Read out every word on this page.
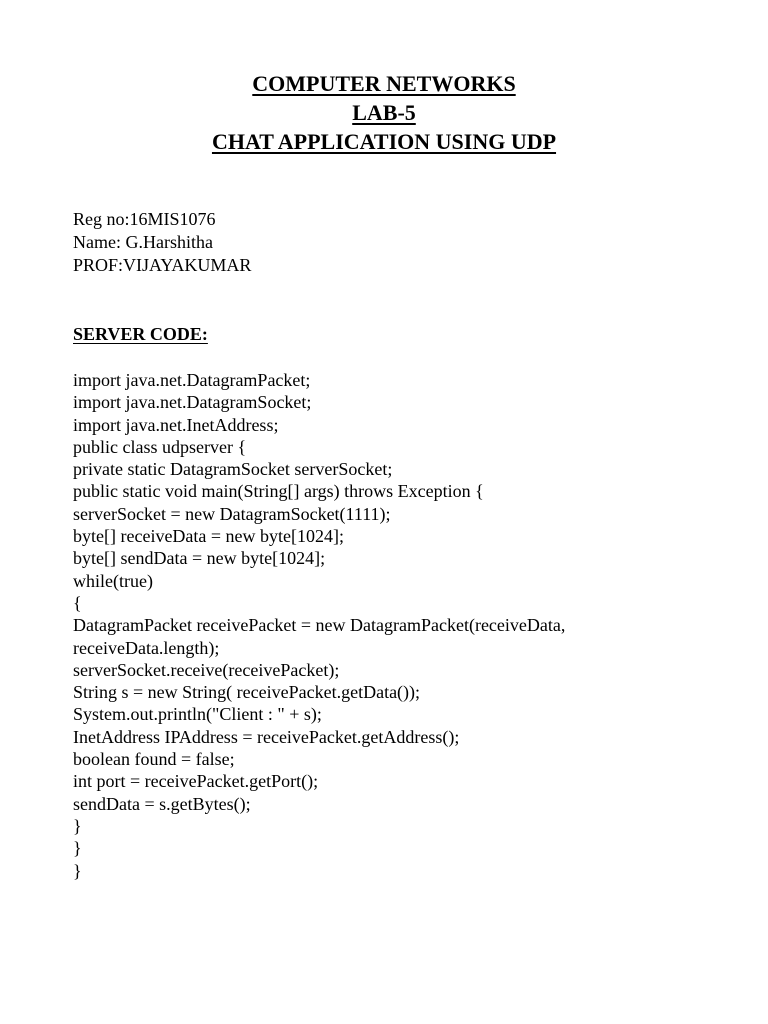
COMPUTER NETWORKS
LAB-5
CHAT APPLICATION USING UDP
Reg no:16MIS1076
Name: G.Harshitha
PROF:VIJAYAKUMAR
SERVER CODE:
import java.net.DatagramPacket;
import java.net.DatagramSocket;
import java.net.InetAddress;
public class udpserver {
private static DatagramSocket serverSocket;
public static void main(String[] args) throws Exception {
serverSocket = new DatagramSocket(1111);
byte[] receiveData = new byte[1024];
byte[] sendData = new byte[1024];
while(true)
{
DatagramPacket receivePacket = new DatagramPacket(receiveData,
receiveData.length);
serverSocket.receive(receivePacket);
String s = new String( receivePacket.getData());
System.out.println("Client : " + s);
InetAddress IPAddress = receivePacket.getAddress();
boolean found = false;
int port = receivePacket.getPort();
sendData = s.getBytes();
}
}
}
